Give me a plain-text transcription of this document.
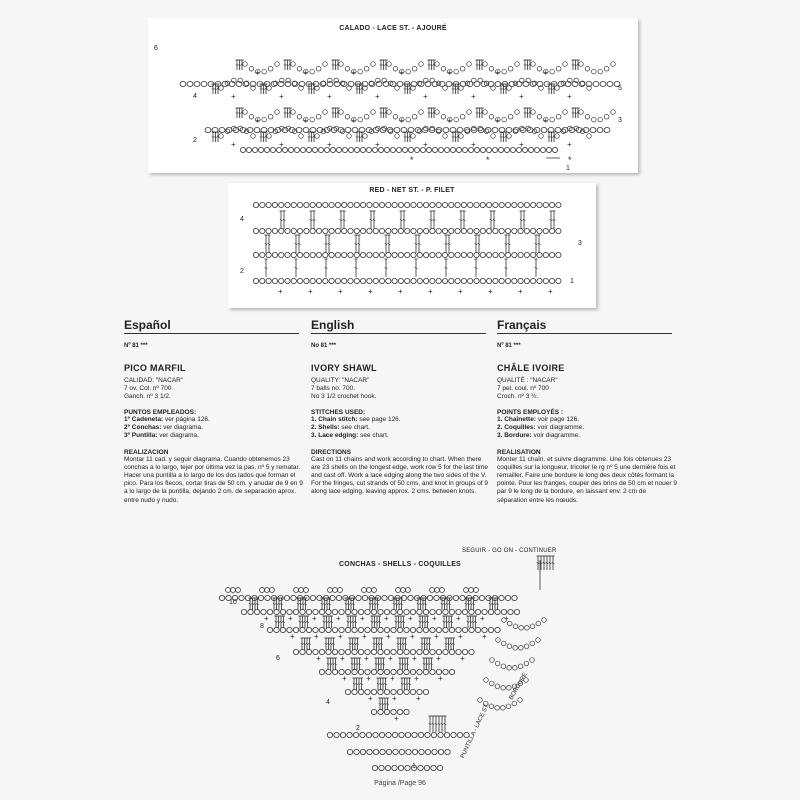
CALADO - LACE ST. - AJOURÉ
6
5
4
3
2
1
+	+	+	+	+	+	+	+
+	+	+	+	+	+	+
+	+	+	+	+	+	+	+
+	+	+	+	+	+	+
*	*	*
RED - NET ST. - P. FILET
+	+	+	+	+	+	+	+	+	+
4
3
2
1
Español
Nº 81 ***
PICO MARFIL
CALIDAD: "NACAR"
7 ov. Col. nº 700
Ganch. nº 3 1/2.
PUNTOS EMPLEADOS:
1º Cadeneta: ver página 126.
2º Conchas: ver diagrama.
3º Puntilla: ver diagrama.
REALIZACION
Montar 11 cad. y seguir diagrama. Cuando obtenemos 23 conchas a lo largo, tejer por última vez la pas. nº 5 y rematar. Hacer una puntilla a lo largo de los dos lados que forman el pico. Para los flecos, cortar tiras de 50 cm. y anudar de 9 en 9 a lo largo de la puntilla, dejando 2 cm. de separación aprox. entre nudo y nudo.
English
No 81 ***
IVORY SHAWL
QUALITY: "NACAR"
7 balls no. 700.
No 3 1/2 crochet hook.
STITCHES USED:
1. Chain stitch: see page 126.
2. Shells: see chart.
3. Lace edging: see chart.
DIRECTIONS
Cast on 11 chains and work according to chart. When there are 23 shells on the longest edge, work row 5 for the last time and cast off. Work a lace edging along the two sides of the V. For the fringes, cut strands of 50 cms, and knot in groups of 9 along lace edging, leaving approx. 2 cms. between knots.
Français
Nº 81 ***
CHÂLE IVOIRE
QUALITÉ : "NACAR"
7 pel. coul. nº 700
Croch. nº 3 ½.
POINTS EMPLOYÉS :
1. Chaînette: voir page 126.
2. Coquilles: voir diagramme.
3. Bordure: voir diagramme.
REALISATION
Monter 11 chaîn. et suivre diagramme. Une fois obtenues 23 coquilles sur la longueur, tricoter le rg nº 5 une dernière fois et remailler. Faire une bordure le long des deux côtés formant la pointe. Pour les franges, couper des brins de 50 cm et nouer 9 par 9 le long de la bordure, en laissant env. 2 cm de séparation entre les nœuds.
CONCHAS - SHELLS - COQUILLES
SEGUIR - GO ON - CONTINUER
+ + + + + + + + + + +
+ + + + + + + + +
+ + + + + + +
+ + + + +
+ + +
+
10
8
6
4
2
1
BORDURE
PUNTILLA - LACE ST.
Página /Page 96
